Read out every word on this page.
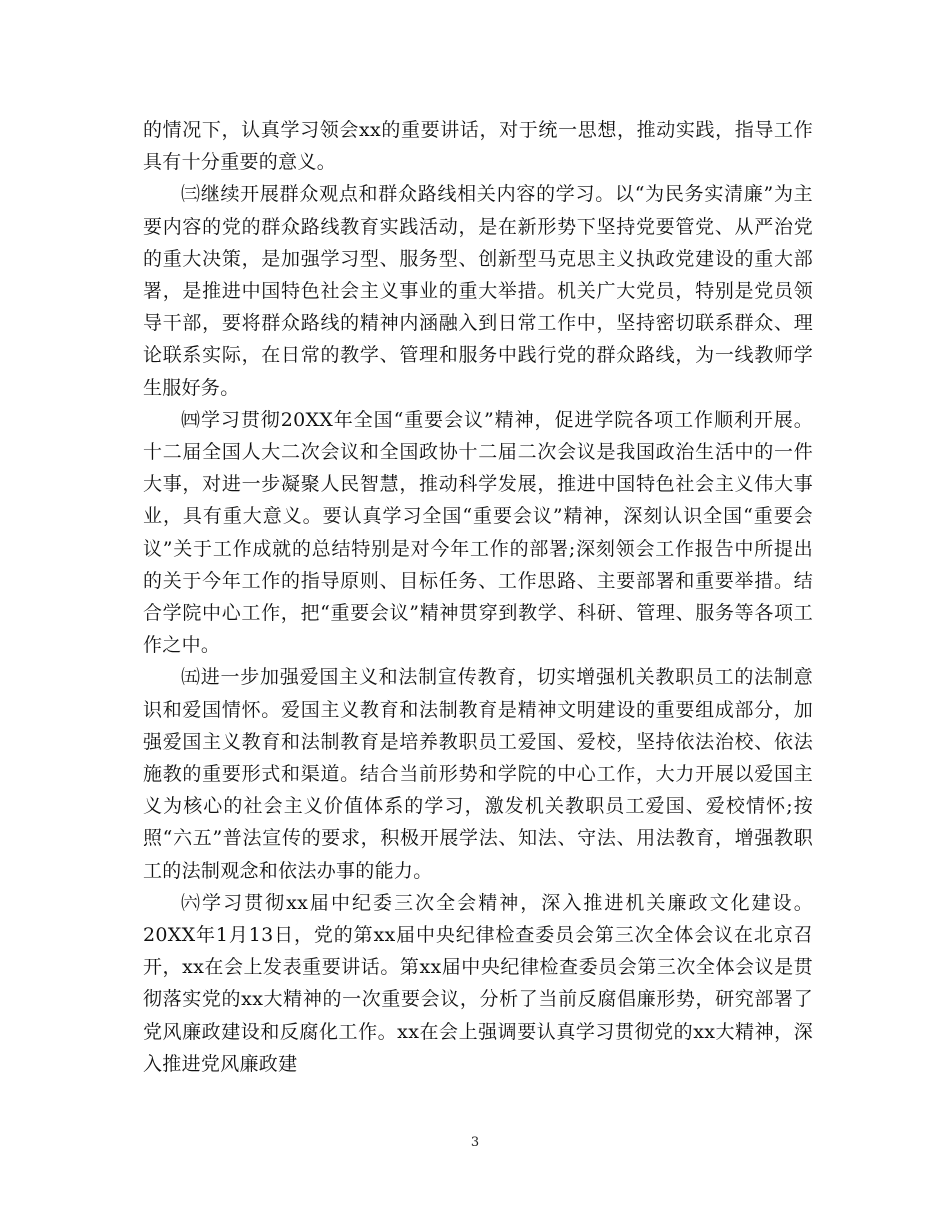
的情况下，认真学习领会xx的重要讲话，对于统一思想，推动实践，指导工作具有十分重要的意义。

㈢继续开展群众观点和群众路线相关内容的学习。以“为民务实清廉”为主要内容的党的群众路线教育实践活动，是在新形势下坚持党要管党、从严治党的重大决策，是加强学习型、服务型、创新型马克思主义执政党建设的重大部署，是推进中国特色社会主义事业的重大举措。机关广大党员，特别是党员领导干部，要将群众路线的精神内涵融入到日常工作中，坚持密切联系群众、理论联系实际，在日常的教学、管理和服务中践行党的群众路线，为一线教师学生服好务。

㈣学习贯彻20XX年全国“重要会议”精神，促进学院各项工作顺利开展。十二届全国人大二次会议和全国政协十二届二次会议是我国政治生活中的一件大事，对进一步凝聚人民智慧，推动科学发展，推进中国特色社会主义伟大事业，具有重大意义。要认真学习全国“重要会议”精神，深刻认识全国“重要会议”关于工作成就的总结特别是对今年工作的部署;深刻领会工作报告中所提出的关于今年工作的指导原则、目标任务、工作思路、主要部署和重要举措。结合学院中心工作，把“重要会议”精神贯穿到教学、科研、管理、服务等各项工作之中。

㈤进一步加强爱国主义和法制宣传教育，切实增强机关教职员工的法制意识和爱国情怀。爱国主义教育和法制教育是精神文明建设的重要组成部分，加强爱国主义教育和法制教育是培养教职员工爱国、爱校，坚持依法治校、依法施教的重要形式和渠道。结合当前形势和学院的中心工作，大力开展以爱国主义为核心的社会主义价值体系的学习，激发机关教职员工爱国、爱校情怀;按照“六五”普法宣传的要求，积极开展学法、知法、守法、用法教育，增强教职工的法制观念和依法办事的能力。

㈥学习贯彻xx届中纪委三次全会精神，深入推进机关廉政文化建设。20XX年1月13日，党的第xx届中央纪律检查委员会第三次全体会议在北京召开，xx在会上发表重要讲话。第xx届中央纪律检查委员会第三次全体会议是贯彻落实党的xx大精神的一次重要会议，分析了当前反腐倡廉形势，研究部署了党风廉政建设和反腐化工作。xx在会上强调要认真学习贯彻党的xx大精神，深入推进党风廉政建

3
